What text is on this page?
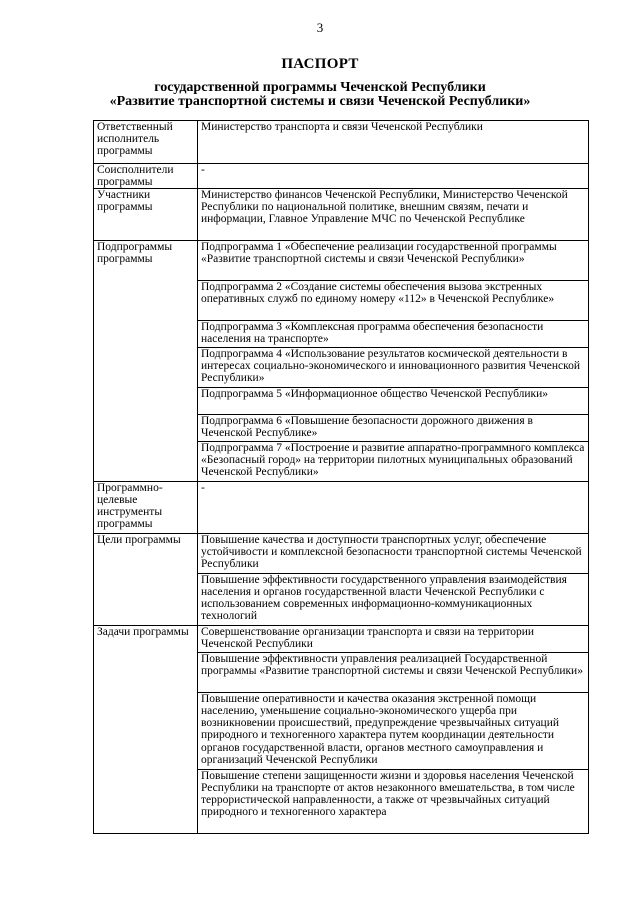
3
ПАСПОРТ
государственной программы Чеченской Республики
«Развитие транспортной системы и связи Чеченской Республики»
Ответственный исполнитель программы	Министерство транспорта и связи Чеченской Республики
Соисполнители программы	-
Участники программы	Министерство финансов Чеченской Республики, Министерство Чеченской Республики по национальной политике, внешним связям, печати и информации, Главное Управление МЧС по Чеченской Республике
Подпрограммы программы	Подпрограмма 1 «Обеспечение реализации государственной программы «Развитие транспортной системы и связи Чеченской Республики»
	Подпрограмма 2 «Создание системы обеспечения вызова экстренных оперативных служб по единому номеру «112» в Чеченской Республике»
	Подпрограмма 3 «Комплексная программа обеспечения безопасности населения на транспорте»
	Подпрограмма 4 «Использование результатов космической деятельности в интересах социально-экономического и инновационного развития Чеченской Республики»
	Подпрограмма 5 «Информационное общество Чеченской Республики»
	Подпрограмма 6 «Повышение безопасности дорожного движения в Чеченской Республике»
	Подпрограмма 7 «Построение и развитие аппаратно-программного комплекса «Безопасный город» на территории пилотных муниципальных образований Чеченской Республики»
Программно-целевые инструменты программы	-
Цели программы	Повышение качества и доступности транспортных услуг, обеспечение устойчивости и комплексной безопасности транспортной системы Чеченской Республики
	Повышение эффективности государственного управления взаимодействия населения и органов государственной власти Чеченской Республики с использованием современных информационно-коммуникационных технологий
Задачи программы	Совершенствование организации транспорта и связи на территории Чеченской Республики
	Повышение эффективности управления реализацией Государственной программы «Развитие транспортной системы и связи Чеченской Республики»
	Повышение оперативности и качества оказания экстренной помощи населению, уменьшение социально-экономического ущерба при возникновении происшествий, предупреждение чрезвычайных ситуаций природного и техногенного характера путем координации деятельности органов государственной власти, органов местного самоуправления и организаций Чеченской Республики
	Повышение степени защищенности жизни и здоровья населения Чеченской Республики на транспорте от актов незаконного вмешательства, в том числе террористической направленности, а также от чрезвычайных ситуаций природного и техногенного характера
